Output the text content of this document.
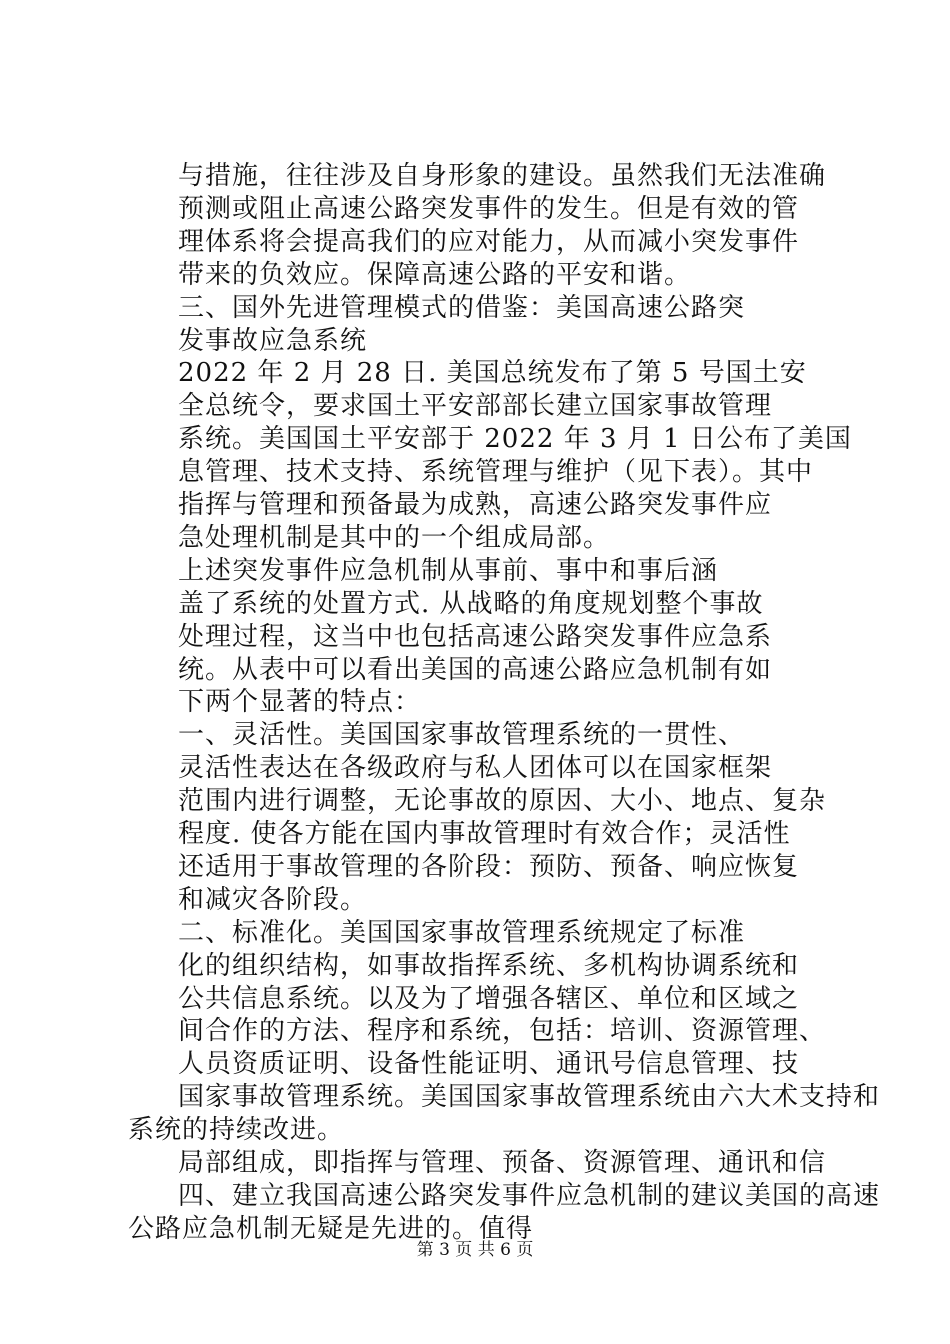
与措施，往往涉及自身形象的建设。虽然我们无法准确
预测或阻止高速公路突发事件的发生。但是有效的管
理体系将会提高我们的应对能力，从而减小突发事件
带来的负效应。保障高速公路的平安和谐。
三、国外先进管理模式的借鉴：美国高速公路突
发事故应急系统
2022 年 2 月 28 日. 美国总统发布了第 5 号国土安
全总统令，要求国土平安部部长建立国家事故管理
系统。美国国土平安部于 2022 年 3 月 1 日公布了美国
息管理、技术支持、系统管理与维护（见下表）。其中
指挥与管理和预备最为成熟，高速公路突发事件应
急处理机制是其中的一个组成局部。
上述突发事件应急机制从事前、事中和事后涵
盖了系统的处置方式. 从战略的角度规划整个事故
处理过程，这当中也包括高速公路突发事件应急系
统。从表中可以看出美国的高速公路应急机制有如
下两个显著的特点：
一、灵活性。美国国家事故管理系统的一贯性、
灵活性表达在各级政府与私人团体可以在国家框架
范围内进行调整，无论事故的原因、大小、地点、复杂
程度. 使各方能在国内事故管理时有效合作；灵活性
还适用于事故管理的各阶段：预防、预备、响应恢复
和减灾各阶段。
二、标准化。美国国家事故管理系统规定了标准
化的组织结构，如事故指挥系统、多机构协调系统和
公共信息系统。以及为了增强各辖区、单位和区域之
间合作的方法、程序和系统，包括：培训、资源管理、
人员资质证明、设备性能证明、通讯号信息管理、技
国家事故管理系统。美国国家事故管理系统由六大术支持和
系统的持续改进。
局部组成，即指挥与管理、预备、资源管理、通讯和信
四、建立我国高速公路突发事件应急机制的建议美国的高速
公路应急机制无疑是先进的。值得
第 3 页 共 6 页
